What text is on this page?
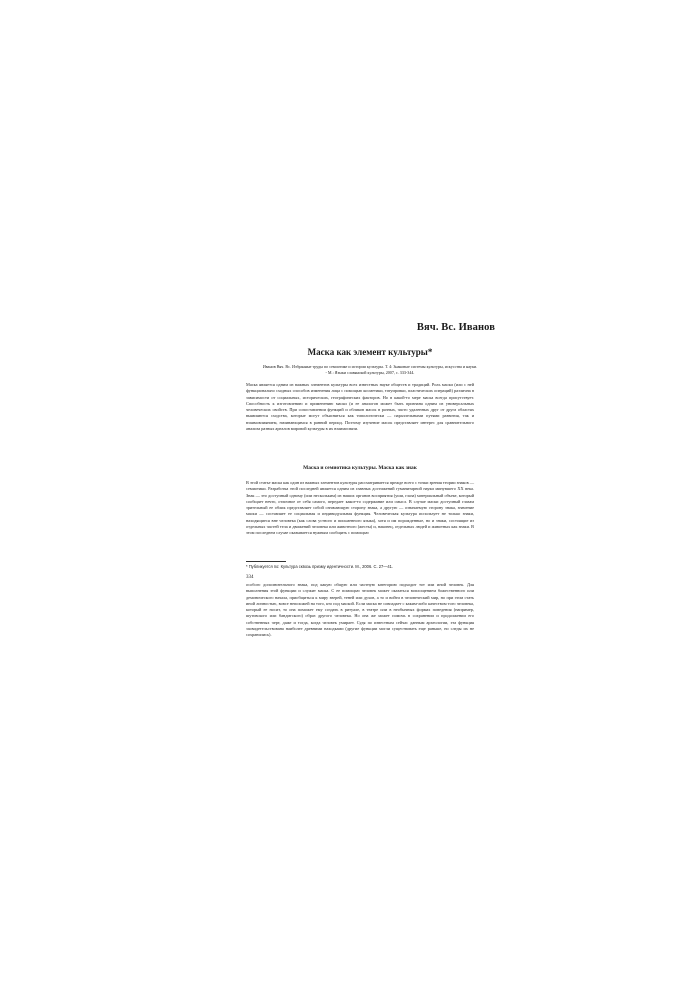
Вяч. Вс. Иванов
Маска как элемент культуры*
Иванов Вяч. Вс. Избранные труды по семиотике и истории культуры. Т. 4: Знаковые системы культуры, искусства и науки. - М.: Языки славянской культуры, 2007, с. 333-344.

Маска является одним из важных элементов культуры всех известных науке обществ и традиций. Роль маски (или с ней функционально сходных способов изменения лица с помощью косметики, татуировки, пластических операций) различна в зависимости от социальных, исторических, географических факторов. Но в какой-то мере маска всегда присутствует. Способность к изготовлению и применению маски (и ее аналогов может быть признана одним из универсальных человеческих свойств. При сопоставлении функций и обликов масок в разных, часто удаленных друг от друга областях выявляются сходства, которые могут объясняться как типологически — параллельными путями развития, так и взаимовлиянием, начинающимся в ранний период. Поэтому изучение масок представляет интерес для сравнительного анализа разных ареалов мировой культуры в их взаимосвязи.

Маска и семиотика культуры. Маска как знак

В этой статье маска как один из важных элементов культуры рассматривается прежде всего с точки зрения теории знаков — семиотики. Разработка этой последней является одним из главных достижений гуманитарной науки минувшего XX века. Знак — это доступный одному (или нескольким) из наших органов восприятия (уши, глаза) материальный объект, который сообщает нечто, отличное от себя самого, передает какое-то содержание или смысл. В случае маски доступный глазам зрительный ее облик представляет собой означающую сторону знака, а другую — означаемую сторону знака, значение маски — составляет ее социальная и индивидуальная функция. Человеческая культура использует не только знаки, находящиеся вне человека (как слова устного и письменного языка), хотя и им порожденные, но и знаки, состоящие из отдельных частей тела и движений человека или животного (жесты) и, наконец, отдельных людей и животных как знаки. В этом последнем случае оказывается нужным сообщить с помощью

* Публикуется по: Культура сквозь призму идентичности. М., 2006. С. 27—41.
334

особого дополнительного знака, под какую общую или частную категорию подходит тот или иной человек. Для выполнения этой функции и служит маска. С ее помощью человек может оказаться воплощением божественного или демонического начала, приобщиться к миру зверей, теней или духов, а то и войти в человеческий мир, но при этом стать иной личностью, вовсе непохожей на того, кто под маской. Если маска не совпадает с каким-либо качеством того человека, который ее носит, то она поможет ему создать в ритуале, в театре или в необычных формах поведения (например, шутовского или бандитского) образ другого человека. Но она же может помочь в сохранении и продолжении его собственных черт, даже и тогда, когда человек умирает. Судя по известным сейчас данным археологии, эта функция засвидетельствована наиболее древними находками (другие функции могли существовать еще раньше, но следы их не сохранились).
